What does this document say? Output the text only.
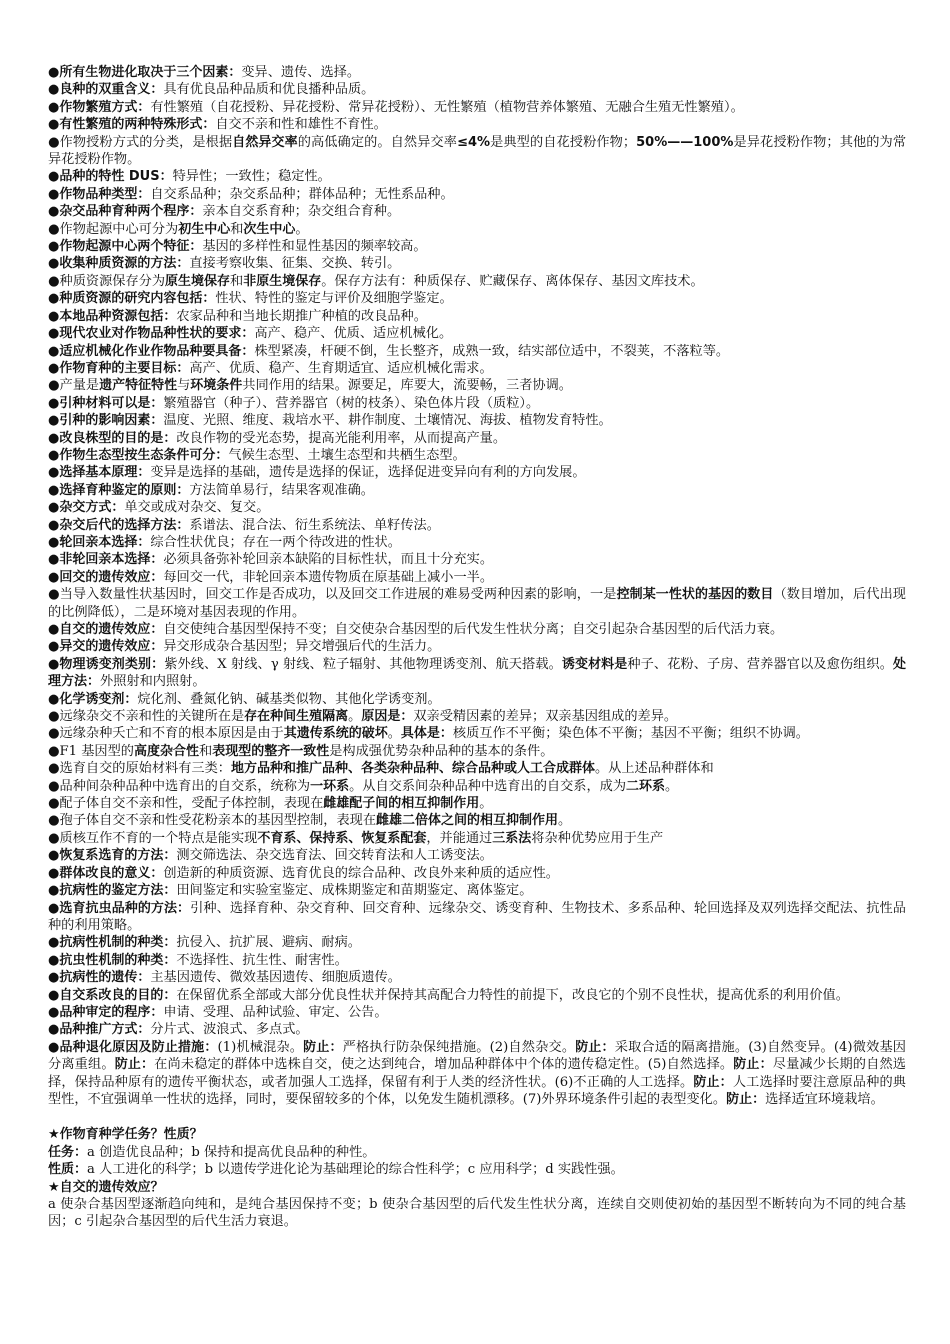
●所有生物进化取决于三个因素：变异、遗传、选择。

●良种的双重含义：具有优良品种品质和优良播种品质。

●作物繁殖方式：有性繁殖（自花授粉、异花授粉、常异花授粉）、无性繁殖（植物营养体繁殖、无融合生殖无性繁殖）。

●有性繁殖的两种特殊形式：自交不亲和性和雄性不育性。

●作物授粉方式的分类，是根据自然异交率的高低确定的。自然异交率≤4%是典型的自花授粉作物；50%——100%是异花授粉作物；其他的为常异花授粉作物。

●品种的特性 DUS：特异性；一致性；稳定性。

●作物品种类型：自交系品种；杂交系品种；群体品种；无性系品种。

●杂交品种育种两个程序：亲本自交系育种；杂交组合育种。

●作物起源中心可分为初生中心和次生中心。

●作物起源中心两个特征：基因的多样性和显性基因的频率较高。

●收集种质资源的方法：直接考察收集、征集、交换、转引。

●种质资源保存分为原生境保存和非原生境保存。保存方法有：种质保存、贮藏保存、离体保存、基因文库技术。

●种质资源的研究内容包括：性状、特性的鉴定与评价及细胞学鉴定。

●本地品种资源包括：农家品种和当地长期推广种植的改良品种。

●现代农业对作物品种性状的要求：高产、稳产、优质、适应机械化。

●适应机械化作业作物品种要具备：株型紧凑，杆硬不倒，生长整齐，成熟一致，结实部位适中，不裂荚，不落粒等。

●作物育种的主要目标：高产、优质、稳产、生育期适宜、适应机械化需求。

●产量是遗产特征特性与环境条件共同作用的结果。源要足，库要大，流要畅，三者协调。

●引种材料可以是：繁殖器官（种子）、营养器官（树的枝条）、染色体片段（质粒）。

●引种的影响因素：温度、光照、维度、栽培水平、耕作制度、土壤情况、海拔、植物发育特性。

●改良株型的目的是：改良作物的受光态势，提高光能利用率，从而提高产量。

●作物生态型按生态条件可分：气候生态型、土壤生态型和共栖生态型。

●选择基本原理：变异是选择的基础，遗传是选择的保证，选择促进变异向有利的方向发展。

●选择育种鉴定的原则：方法简单易行，结果客观准确。

●杂交方式：单交或成对杂交、复交。

●杂交后代的选择方法：系谱法、混合法、衍生系统法、单籽传法。

●轮回亲本选择：综合性状优良；存在一两个待改进的性状。

●非轮回亲本选择：必须具备弥补轮回亲本缺陷的目标性状，而且十分充实。

●回交的遗传效应：每回交一代，非轮回亲本遗传物质在原基础上减小一半。

●当导入数量性状基因时，回交工作是否成功，以及回交工作进展的难易受两种因素的影响，一是控制某一性状的基因的数目（数目增加，后代出现的比例降低），二是环境对基因表现的作用。

●自交的遗传效应：自交使纯合基因型保持不变；自交使杂合基因型的后代发生性状分离；自交引起杂合基因型的后代活力衰。

●异交的遗传效应：异交形成杂合基因型；异交增强后代的生活力。

●物理诱变剂类别：紫外线、X 射线、γ 射线、粒子辐射、其他物理诱变剂、航天搭载。诱变材料是种子、花粉、子房、营养器官以及愈伤组织。处理方法：外照射和内照射。

●化学诱变剂：烷化剂、叠氮化钠、碱基类似物、其他化学诱变剂。

●远缘杂交不亲和性的关键所在是存在种间生殖隔离。原因是：双亲受精因素的差异；双亲基因组成的差异。

●远缘杂种夭亡和不育的根本原因是由于其遗传系统的破坏。具体是：核质互作不平衡；染色体不平衡；基因不平衡；组织不协调。

●F1 基因型的高度杂合性和表现型的整齐一致性是构成强优势杂种品种的基本的条件。

●选育自交的原始材料有三类：地方品种和推广品种、各类杂种品种、综合品种或人工合成群体。从上述品种群体和

●品种间杂种品种中选育出的自交系，统称为一环系。从自交系间杂种品种中选育出的自交系，成为二环系。

●配子体自交不亲和性，受配子体控制，表现在雌雄配子间的相互抑制作用。

●孢子体自交不亲和性受花粉亲本的基因型控制，表现在雌雄二倍体之间的相互抑制作用。

●质核互作不育的一个特点是能实现不育系、保持系、恢复系配套，并能通过三系法将杂种优势应用于生产

●恢复系选育的方法：测交筛选法、杂交选育法、回交转育法和人工诱变法。

●群体改良的意义：创造新的种质资源、选育优良的综合品种、改良外来种质的适应性。

●抗病性的鉴定方法：田间鉴定和实验室鉴定、成株期鉴定和苗期鉴定、离体鉴定。

●选育抗虫品种的方法：引种、选择育种、杂交育种、回交育种、远缘杂交、诱变育种、生物技术、多系品种、轮回选择及双列选择交配法、抗性品种的利用策略。

●抗病性机制的种类：抗侵入、抗扩展、避病、耐病。

●抗虫性机制的种类：不选择性、抗生性、耐害性。

●抗病性的遗传：主基因遗传、微效基因遗传、细胞质遗传。

●自交系改良的目的：在保留优系全部或大部分优良性状并保持其高配合力特性的前提下，改良它的个别不良性状，提高优系的利用价值。

●品种审定的程序：申请、受理、品种试验、审定、公告。

●品种推广方式：分片式、波浪式、多点式。

●品种退化原因及防止措施：(1)机械混杂。防止：严格执行防杂保纯措施。(2)自然杂交。防止：采取合适的隔离措施。(3)自然变异。(4)微效基因分离重组。防止：在尚未稳定的群体中选株自交，使之达到纯合，增加品种群体中个体的遗传稳定性。(5)自然选择。防止：尽量减少长期的自然选择，保持品种原有的遗传平衡状态，或者加强人工选择，保留有利于人类的经济性状。(6)不正确的人工选择。防止：人工选择时要注意原品种的典型性，不宜强调单一性状的选择，同时，要保留较多的个体，以免发生随机漂移。(7)外界环境条件引起的表型变化。防止：选择适宜环境栽培。

★作物育种学任务？性质？

任务：a 创造优良品种；b 保持和提高优良品种的种性。

性质：a 人工进化的科学；b 以遗传学进化论为基础理论的综合性科学；c 应用科学；d 实践性强。

★自交的遗传效应？

a 使杂合基因型逐渐趋向纯和，是纯合基因保持不变；b 使杂合基因型的后代发生性状分离，连续自交则使初始的基因型不断转向为不同的纯合基因；c 引起杂合基因型的后代生活力衰退。
